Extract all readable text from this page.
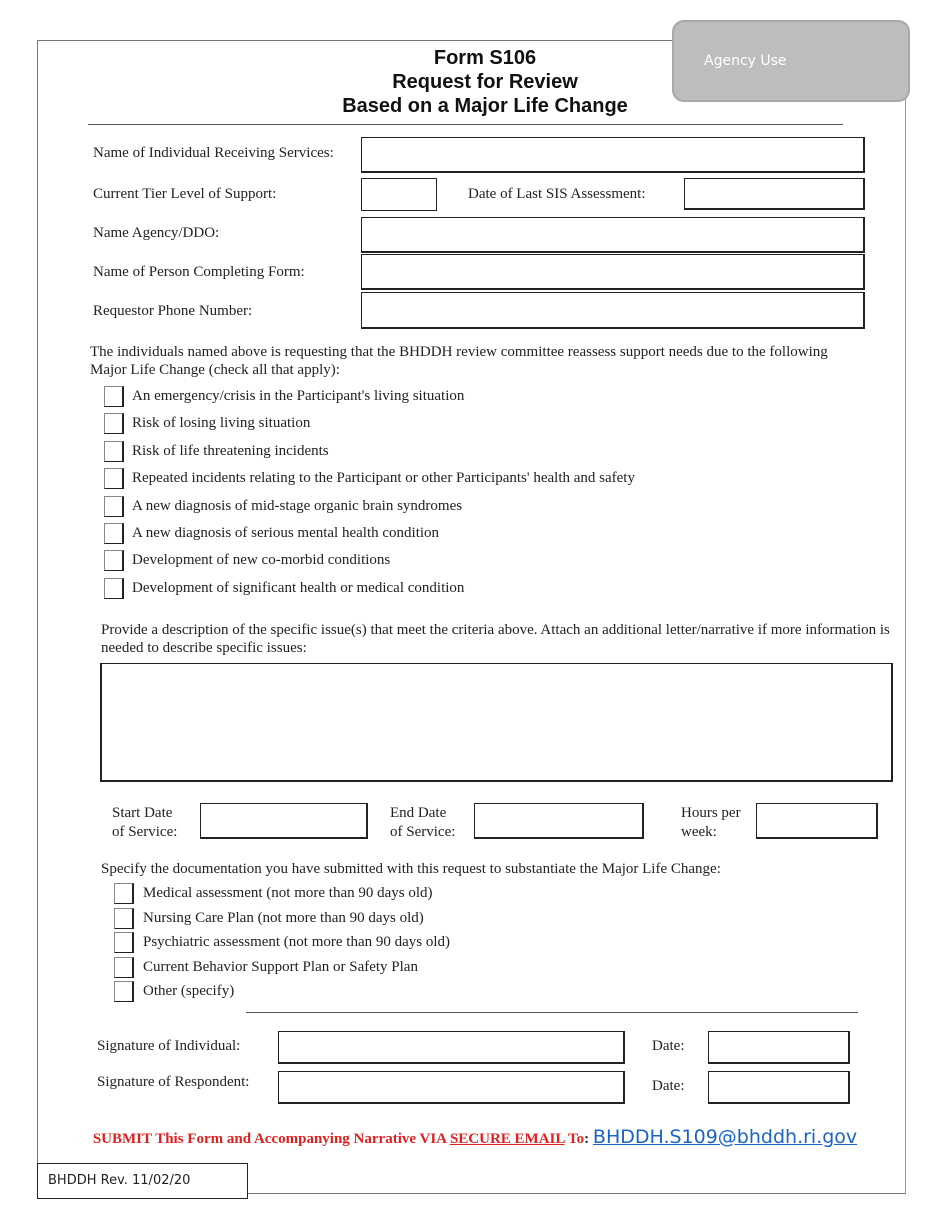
Agency Use
Form S106
Request for Review
Based on a Major Life Change
Name of Individual Receiving Services:
Current Tier Level of Support:	Date of Last SIS Assessment:
Name Agency/DDO:
Name of Person Completing Form:
Requestor Phone Number:
The individuals named above is requesting that the BHDDH review committee reassess support needs due to the following Major Life Change (check all that apply):
An emergency/crisis in the Participant's living situation
Risk of losing living situation
Risk of life threatening incidents
Repeated incidents relating to the Participant or other Participants' health and safety
A new diagnosis of mid-stage organic brain syndromes
A new diagnosis of serious mental health condition
Development of new co-morbid conditions
Development of significant health or medical condition
Provide a description of the specific issue(s) that meet the criteria above. Attach an additional letter/narrative if more information is needed to describe specific issues:
Start Date
of Service:
End Date
of Service:
Hours per
week:
Specify the documentation you have submitted with this request to substantiate the Major Life Change:
Medical assessment (not more than 90 days old)
Nursing Care Plan (not more than 90 days old)
Psychiatric assessment (not more than 90 days old)
Current Behavior Support Plan or Safety Plan
Other (specify)
Signature of Individual:	Date:
Signature of Respondent:	Date:
SUBMIT This Form and Accompanying Narrative VIA SECURE EMAIL To: BHDDH.S109@bhddh.ri.gov
BHDDH Rev. 11/02/20
